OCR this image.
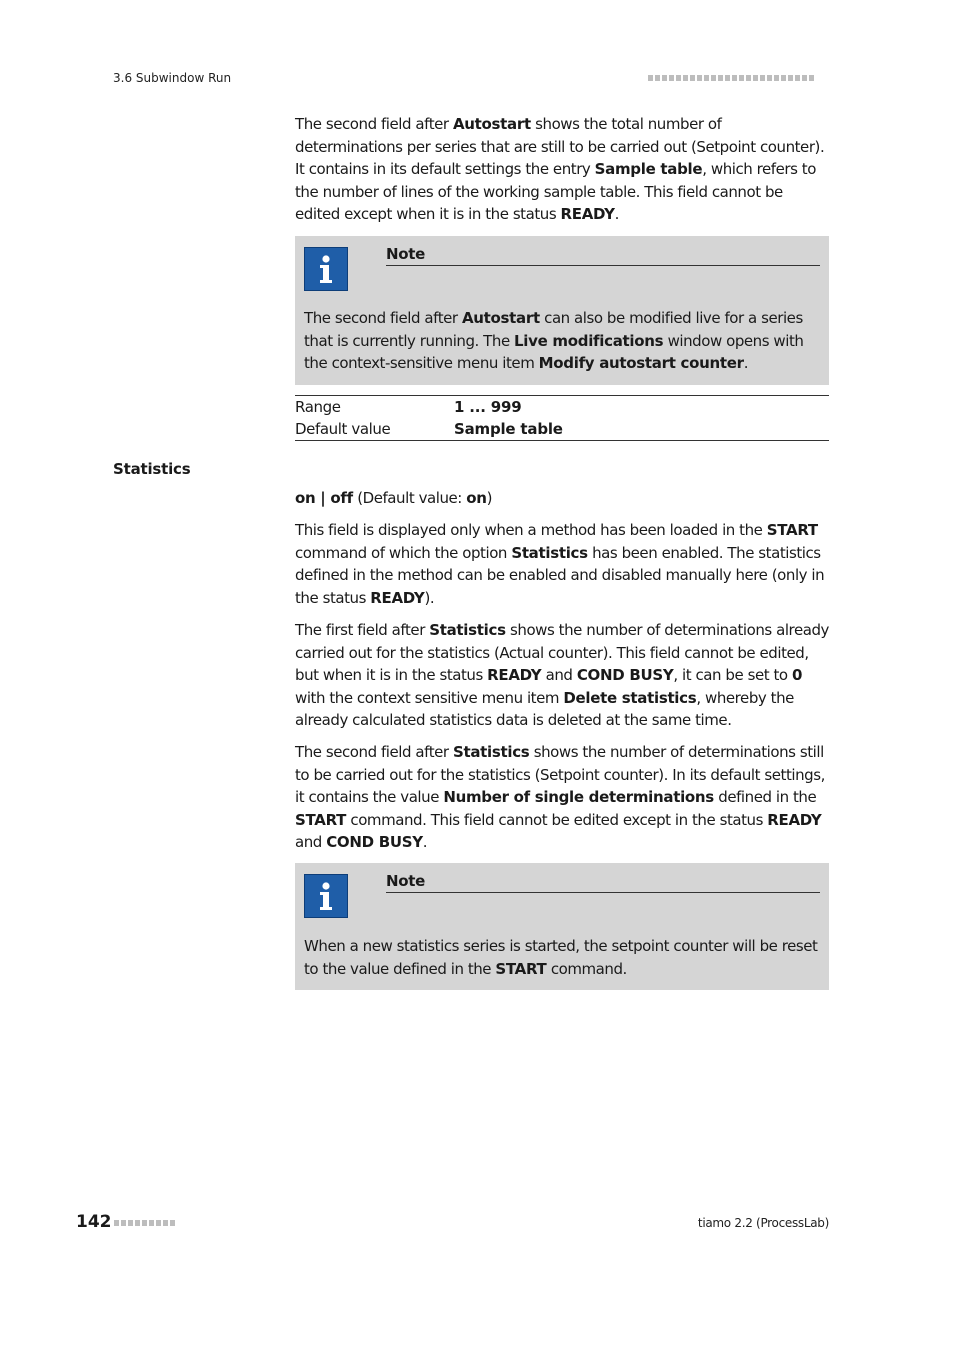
3.6 Subwindow Run

The second field after Autostart shows the total number of determinations per series that are still to be carried out (Setpoint counter). It contains in its default settings the entry Sample table, which refers to the number of lines of the working sample table. This field cannot be edited except when it is in the status READY.

Note
The second field after Autostart can also be modified live for a series that is currently running. The Live modifications window opens with the context-sensitive menu item Modify autostart counter.
Range	1 ... 999
Default value	Sample table
Statistics

on | off (Default value: on)

This field is displayed only when a method has been loaded in the START command of which the option Statistics has been enabled. The statistics defined in the method can be enabled and disabled manually here (only in the status READY).

The first field after Statistics shows the number of determinations already carried out for the statistics (Actual counter). This field cannot be edited, but when it is in the status READY and COND BUSY, it can be set to 0 with the context sensitive menu item Delete statistics, whereby the already calculated statistics data is deleted at the same time.

The second field after Statistics shows the number of determinations still to be carried out for the statistics (Setpoint counter). In its default settings, it contains the value Number of single determinations defined in the START command. This field cannot be edited except in the status READY and COND BUSY.

Note
When a new statistics series is started, the setpoint counter will be reset to the value defined in the START command.
142	tiamo 2.2 (ProcessLab)
